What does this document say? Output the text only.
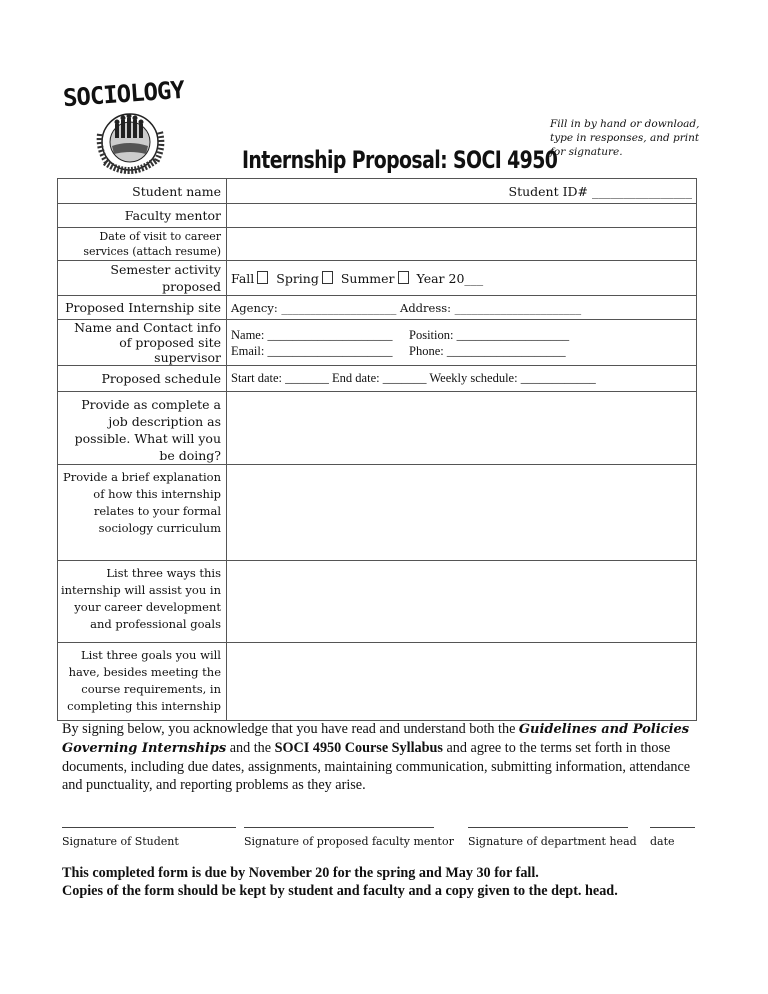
SOCIOLOGY
Internship Proposal: SOCI 4950
Fill in by hand or download, type in responses, and print for signature.
Student name	Student ID# ________________
Faculty mentor	
Date of visit to career services (attach resume)	
Semester activity proposed	Fall Spring Summer Year 20___
Proposed Internship site	Agency: ____________________ Address: ______________________
Name and Contact info of proposed site supervisor	Name: ____________________ Position: __________________
Email: ____________________ Phone: ___________________

Proposed schedule	Start date: _______ End date: _______ Weekly schedule: ____________
Provide as complete a job description as possible. What will you be doing?	
Provide a brief explanation of how this internship relates to your formal sociology curriculum	
List three ways this internship will assist you in your career development and professional goals	
List three goals you will have, besides meeting the course requirements, in completing this internship	
By signing below, you acknowledge that you have read and understand both the Guidelines and Policies Governing Internships and the SOCI 4950 Course Syllabus and agree to the terms set forth in those documents, including due dates, assignments, maintaining communication, submitting information, attendance and punctuality, and reporting problems as they arise.
Signature of Student	Signature of proposed faculty mentor Signature of department head date
This completed form is due by November 20 for the spring and May 30 for fall.
Copies of the form should be kept by student and faculty and a copy given to the dept. head.
